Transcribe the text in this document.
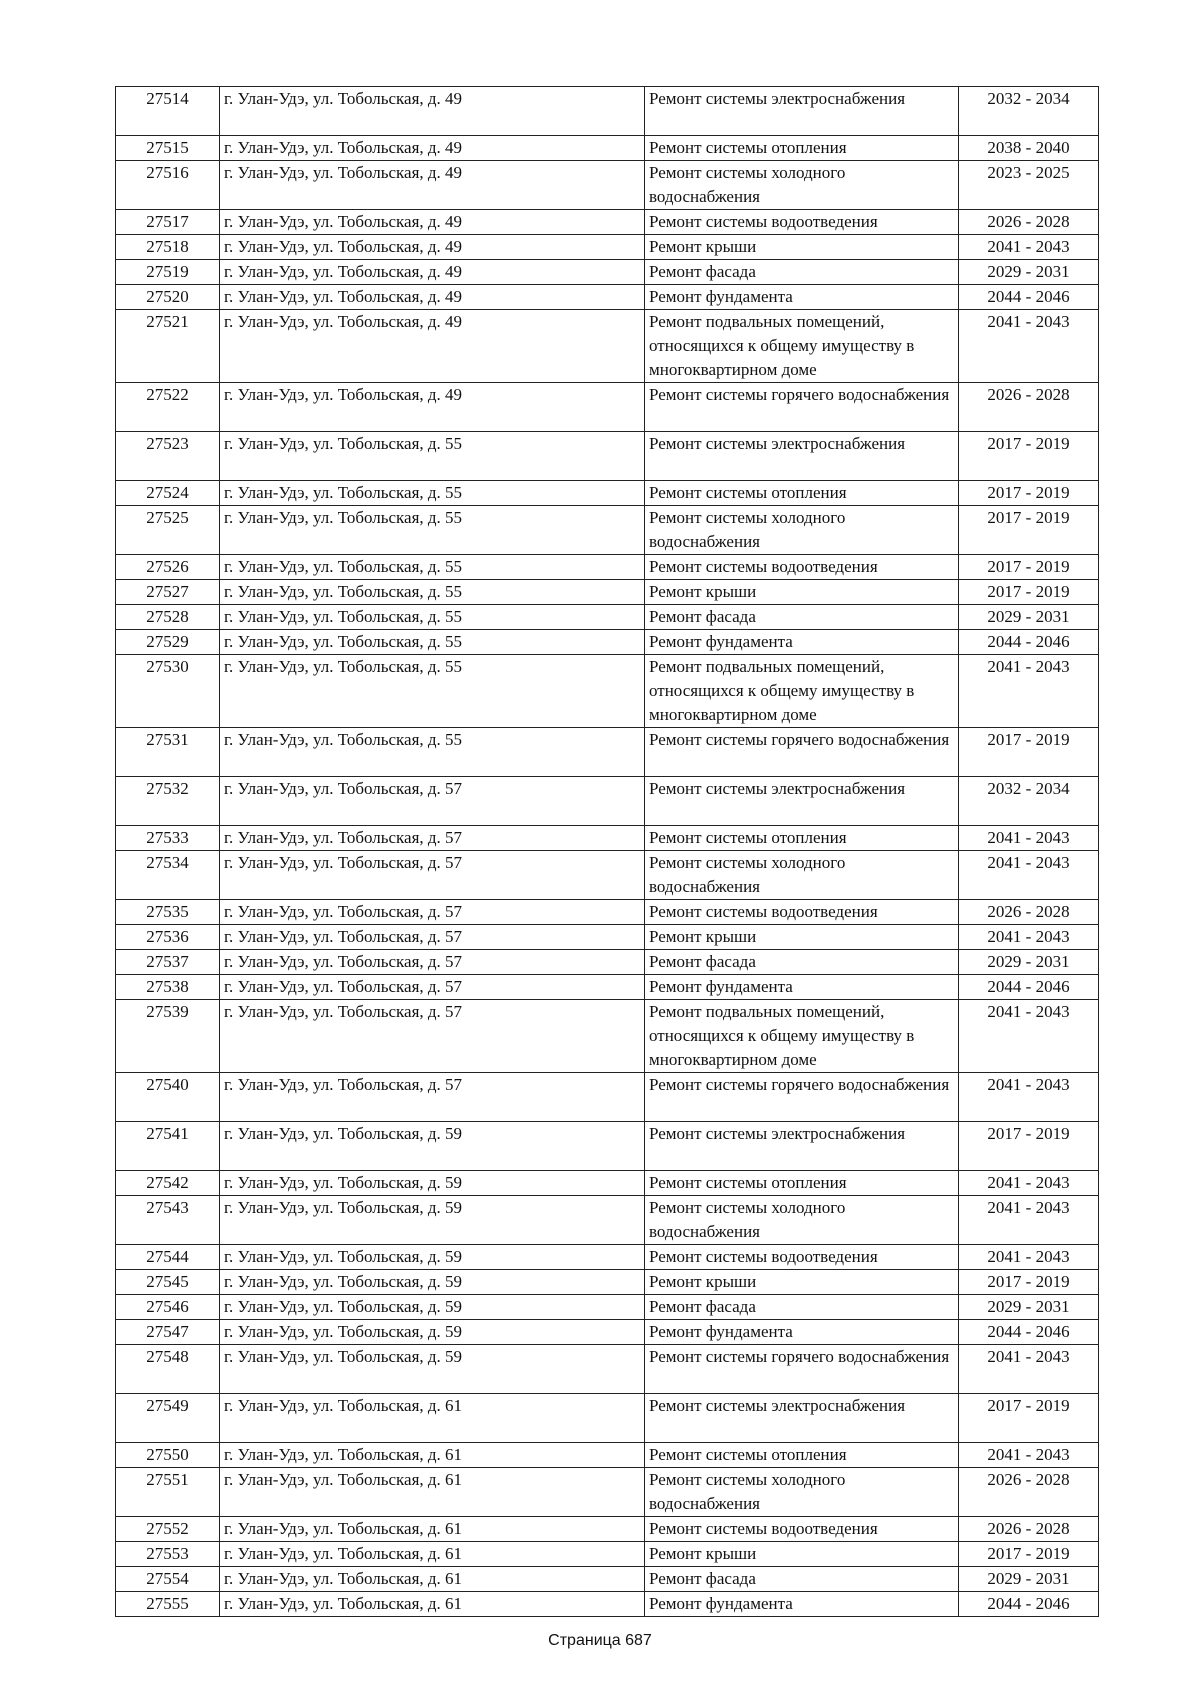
27514	г. Улан-Удэ, ул. Тобольская, д. 49	Ремонт системы электроснабжения	2032 - 2034
27515	г. Улан-Удэ, ул. Тобольская, д. 49	Ремонт системы отопления	2038 - 2040
27516	г. Улан-Удэ, ул. Тобольская, д. 49	Ремонт системы холодного водоснабжения	2023 - 2025
27517	г. Улан-Удэ, ул. Тобольская, д. 49	Ремонт системы водоотведения	2026 - 2028
27518	г. Улан-Удэ, ул. Тобольская, д. 49	Ремонт крыши	2041 - 2043
27519	г. Улан-Удэ, ул. Тобольская, д. 49	Ремонт фасада	2029 - 2031
27520	г. Улан-Удэ, ул. Тобольская, д. 49	Ремонт фундамента	2044 - 2046
27521	г. Улан-Удэ, ул. Тобольская, д. 49	Ремонт подвальных помещений, относящихся к общему имуществу в многоквартирном доме	2041 - 2043
27522	г. Улан-Удэ, ул. Тобольская, д. 49	Ремонт системы горячего водоснабжения	2026 - 2028
27523	г. Улан-Удэ, ул. Тобольская, д. 55	Ремонт системы электроснабжения	2017 - 2019
27524	г. Улан-Удэ, ул. Тобольская, д. 55	Ремонт системы отопления	2017 - 2019
27525	г. Улан-Удэ, ул. Тобольская, д. 55	Ремонт системы холодного водоснабжения	2017 - 2019
27526	г. Улан-Удэ, ул. Тобольская, д. 55	Ремонт системы водоотведения	2017 - 2019
27527	г. Улан-Удэ, ул. Тобольская, д. 55	Ремонт крыши	2017 - 2019
27528	г. Улан-Удэ, ул. Тобольская, д. 55	Ремонт фасада	2029 - 2031
27529	г. Улан-Удэ, ул. Тобольская, д. 55	Ремонт фундамента	2044 - 2046
27530	г. Улан-Удэ, ул. Тобольская, д. 55	Ремонт подвальных помещений, относящихся к общему имуществу в многоквартирном доме	2041 - 2043
27531	г. Улан-Удэ, ул. Тобольская, д. 55	Ремонт системы горячего водоснабжения	2017 - 2019
27532	г. Улан-Удэ, ул. Тобольская, д. 57	Ремонт системы электроснабжения	2032 - 2034
27533	г. Улан-Удэ, ул. Тобольская, д. 57	Ремонт системы отопления	2041 - 2043
27534	г. Улан-Удэ, ул. Тобольская, д. 57	Ремонт системы холодного водоснабжения	2041 - 2043
27535	г. Улан-Удэ, ул. Тобольская, д. 57	Ремонт системы водоотведения	2026 - 2028
27536	г. Улан-Удэ, ул. Тобольская, д. 57	Ремонт крыши	2041 - 2043
27537	г. Улан-Удэ, ул. Тобольская, д. 57	Ремонт фасада	2029 - 2031
27538	г. Улан-Удэ, ул. Тобольская, д. 57	Ремонт фундамента	2044 - 2046
27539	г. Улан-Удэ, ул. Тобольская, д. 57	Ремонт подвальных помещений, относящихся к общему имуществу в многоквартирном доме	2041 - 2043
27540	г. Улан-Удэ, ул. Тобольская, д. 57	Ремонт системы горячего водоснабжения	2041 - 2043
27541	г. Улан-Удэ, ул. Тобольская, д. 59	Ремонт системы электроснабжения	2017 - 2019
27542	г. Улан-Удэ, ул. Тобольская, д. 59	Ремонт системы отопления	2041 - 2043
27543	г. Улан-Удэ, ул. Тобольская, д. 59	Ремонт системы холодного водоснабжения	2041 - 2043
27544	г. Улан-Удэ, ул. Тобольская, д. 59	Ремонт системы водоотведения	2041 - 2043
27545	г. Улан-Удэ, ул. Тобольская, д. 59	Ремонт крыши	2017 - 2019
27546	г. Улан-Удэ, ул. Тобольская, д. 59	Ремонт фасада	2029 - 2031
27547	г. Улан-Удэ, ул. Тобольская, д. 59	Ремонт фундамента	2044 - 2046
27548	г. Улан-Удэ, ул. Тобольская, д. 59	Ремонт системы горячего водоснабжения	2041 - 2043
27549	г. Улан-Удэ, ул. Тобольская, д. 61	Ремонт системы электроснабжения	2017 - 2019
27550	г. Улан-Удэ, ул. Тобольская, д. 61	Ремонт системы отопления	2041 - 2043
27551	г. Улан-Удэ, ул. Тобольская, д. 61	Ремонт системы холодного водоснабжения	2026 - 2028
27552	г. Улан-Удэ, ул. Тобольская, д. 61	Ремонт системы водоотведения	2026 - 2028
27553	г. Улан-Удэ, ул. Тобольская, д. 61	Ремонт крыши	2017 - 2019
27554	г. Улан-Удэ, ул. Тобольская, д. 61	Ремонт фасада	2029 - 2031
27555	г. Улан-Удэ, ул. Тобольская, д. 61	Ремонт фундамента	2044 - 2046
Страница 687
